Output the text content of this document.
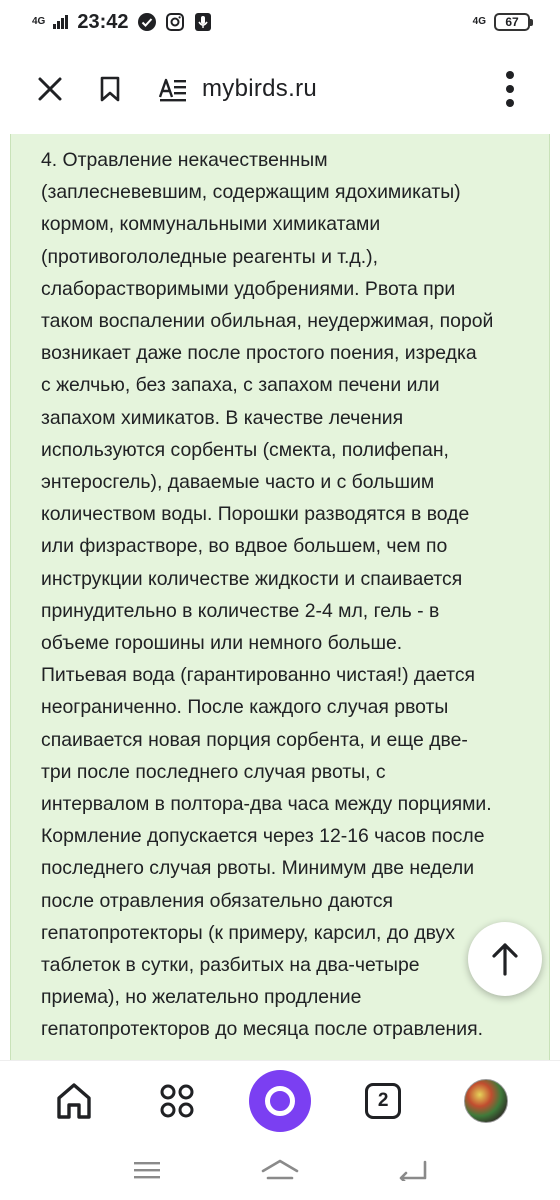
4G 23:42	4G 67
mybirds.ru

4. Отравление некачественным
(заплесневевшим, содержащим ядохимикаты)
кормом, коммунальными химикатами
(противогололедные реагенты и т.д.),
слаборастворимыми удобрениями. Рвота при
таком воспалении обильная, неудержимая, порой
возникает даже после простого поения, изредка
с желчью, без запаха, с запахом печени или
запахом химикатов. В качестве лечения
используются сорбенты (смекта, полифепан,
энтеросгель), даваемые часто и с большим
количеством воды. Порошки разводятся в воде
или физрастворе, во вдвое большем, чем по
инструкции количестве жидкости и спаивается
принудительно в количестве 2-4 мл, гель - в
объеме горошины или немного больше.
Питьевая вода (гарантированно чистая!) дается
неограниченно. После каждого случая рвоты
спаивается новая порция сорбента, и еще две-
три после последнего случая рвоты, с
интервалом в полтора-два часа между порциями.
Кормление допускается через 12-16 часов после
последнего случая рвоты. Минимум две недели
после отравления обязательно даются
гепатопротекторы (к примеру, карсил, до двух
таблеток в сутки, разбитых на два-четыре
приема), но желательно продление
гепатопротекторов до месяца после отравления.

2
